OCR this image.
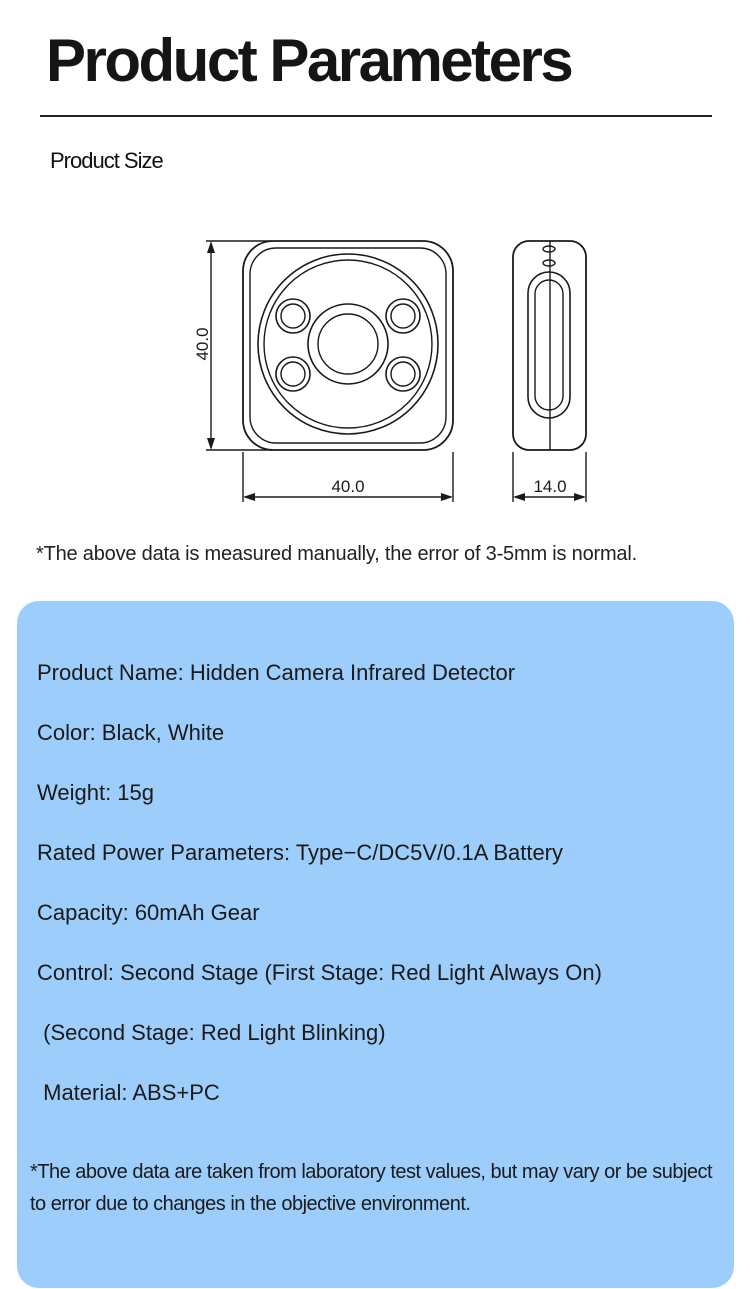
Product Parameters
Product Size
40.0
40.0	14.0
*The above data is measured manually, the error of 3-5mm is normal.
Product Name: Hidden Camera Infrared Detector
Color: Black, White
Weight: 15g
Rated Power Parameters: Type−C/DC5V/0.1A Battery
Capacity: 60mAh Gear
Control: Second Stage (First Stage: Red Light Always On)
(Second Stage: Red Light Blinking)
Material: ABS+PC
*The above data are taken from laboratory test values, but may vary or be subject to error due to changes in the objective environment.
